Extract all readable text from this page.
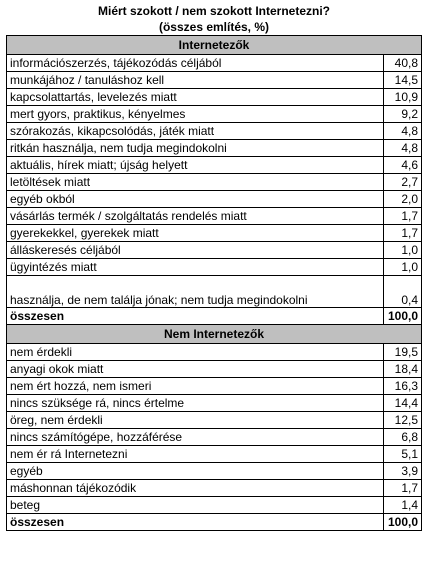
Miért szokott / nem szokott Internetezni?	
(összes említés, %)	
Internetezők	
információszerzés, tájékozódás céljából	40,8
munkájához / tanuláshoz kell	14,5
kapcsolattartás, levelezés miatt	10,9
mert gyors, praktikus, kényelmes	9,2
szórakozás, kikapcsolódás, játék miatt	4,8
ritkán használja, nem tudja megindokolni	4,8
aktuális, hírek miatt; újság helyett	4,6
letöltések miatt	2,7
egyéb okból	2,0
vásárlás termék / szolgáltatás rendelés miatt	1,7
gyerekekkel, gyerekek miatt	1,7
álláskeresés céljából	1,0
ügyintézés miatt	1,0
használja, de nem találja jónak; nem tudja megindokolni	0,4
összesen	100,0
Nem Internetezők	
nem érdekli	19,5
anyagi okok miatt	18,4
nem ért hozzá, nem ismeri	16,3
nincs szüksége rá, nincs értelme	14,4
öreg, nem érdekli	12,5
nincs számítógépe, hozzáférése	6,8
nem ér rá Internetezni	5,1
egyéb	3,9
máshonnan tájékozódik	1,7
beteg	1,4
összesen	100,0
